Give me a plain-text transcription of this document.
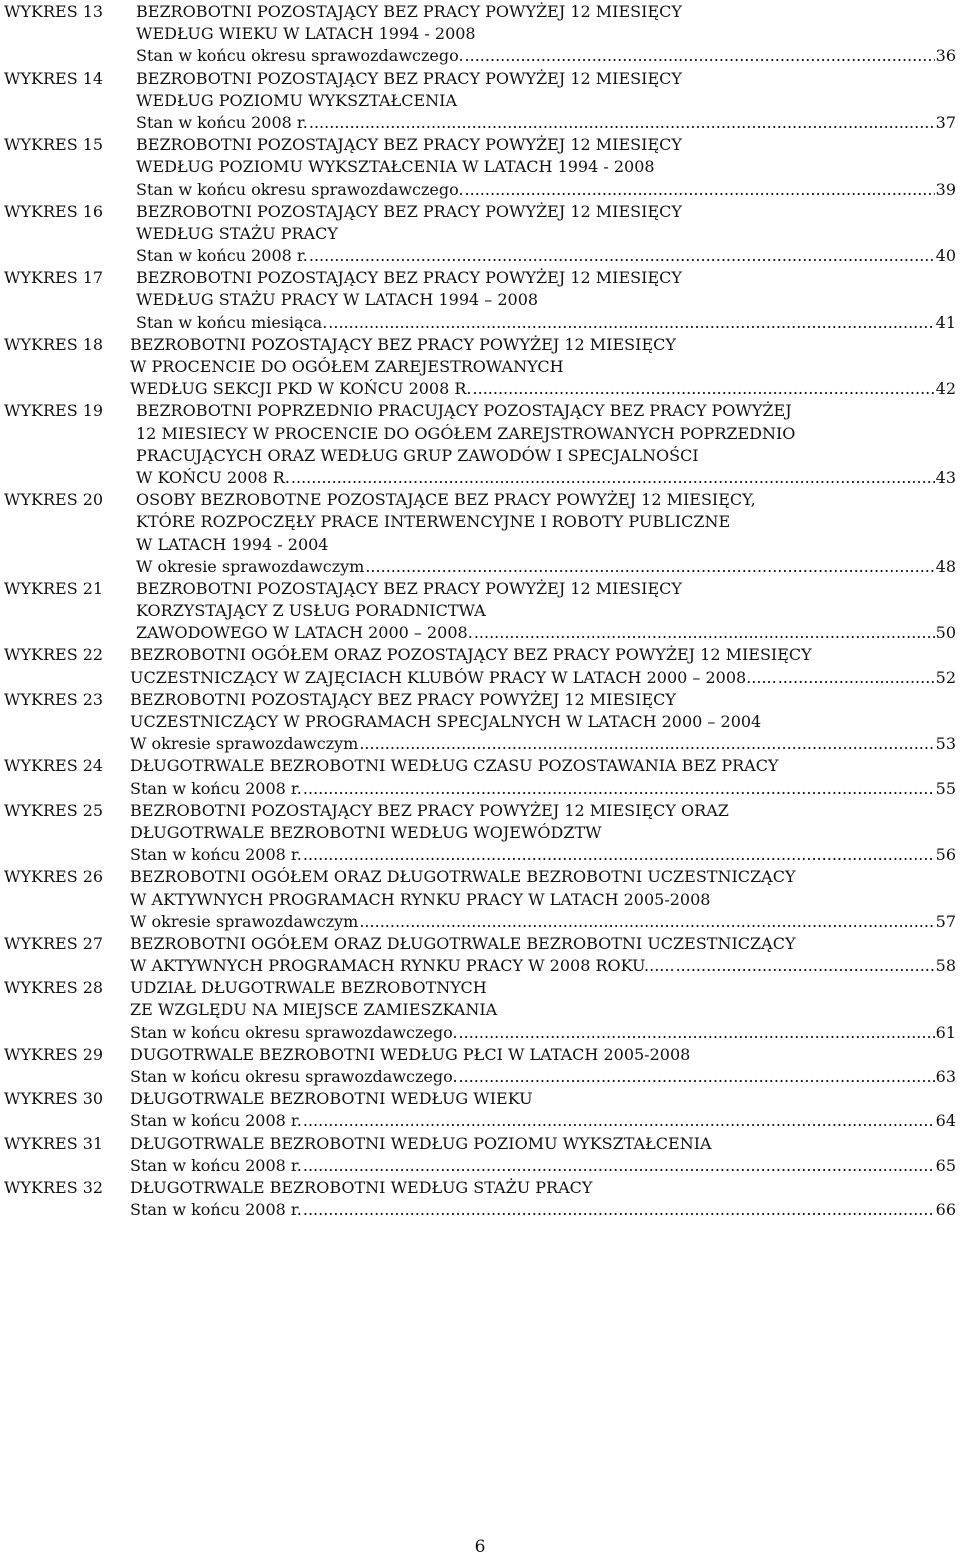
WYKRES 13 BEZROBOTNI POZOSTAJĄCY BEZ PRACY POWYŻEJ 12 MIESIĘCY
WEDŁUG WIEKU W LATACH 1994 - 2008
Stan w końcu okresu sprawozdawczego. .....	36
WYKRES 14 BEZROBOTNI POZOSTAJĄCY BEZ PRACY POWYŻEJ 12 MIESIĘCY
WEDŁUG POZIOMU WYKSZTAŁCENIA
Stan w końcu 2008 r. .....	37
WYKRES 15 BEZROBOTNI POZOSTAJĄCY BEZ PRACY POWYŻEJ 12 MIESIĘCY
WEDŁUG POZIOMU WYKSZTAŁCENIA W LATACH 1994 - 2008
Stan w końcu okresu sprawozdawczego. .....	39
WYKRES 16 BEZROBOTNI POZOSTAJĄCY BEZ PRACY POWYŻEJ 12 MIESIĘCY
WEDŁUG STAŻU PRACY
Stan w końcu 2008 r. .....	40
WYKRES 17 BEZROBOTNI POZOSTAJĄCY BEZ PRACY POWYŻEJ 12 MIESIĘCY
WEDŁUG STAŻU PRACY W LATACH 1994 – 2008
Stan w końcu miesiąca. .....	41
WYKRES 18 BEZROBOTNI POZOSTAJĄCY BEZ PRACY POWYŻEJ 12 MIESIĘCY
W PROCENCIE DO OGÓŁEM ZAREJESTROWANYCH
WEDŁUG SEKCJI PKD W KOŃCU 2008 R. .....	42
WYKRES 19 BEZROBOTNI POPRZEDNIO PRACUJĄCY POZOSTAJĄCY BEZ PRACY POWYŻEJ
12 MIESIECY W PROCENCIE DO OGÓŁEM ZAREJSTROWANYCH POPRZEDNIO
PRACUJĄCYCH ORAZ WEDŁUG GRUP ZAWODÓW I SPECJALNOŚCI
W KOŃCU 2008 R. .....	43
WYKRES 20 OSOBY BEZROBOTNE POZOSTAJĄCE BEZ PRACY POWYŻEJ 12 MIESIĘCY,
KTÓRE ROZPOCZĘŁY PRACE INTERWENCYJNE I ROBOTY PUBLICZNE
W LATACH 1994 - 2004
W okresie sprawozdawczym .....	48
WYKRES 21 BEZROBOTNI POZOSTAJĄCY BEZ PRACY POWYŻEJ 12 MIESIĘCY
KORZYSTAJĄCY Z USŁUG PORADNICTWA
ZAWODOWEGO W LATACH 2000 – 2008. .....	50
WYKRES 22 BEZROBOTNI OGÓŁEM ORAZ POZOSTAJĄCY BEZ PRACY POWYŻEJ 12 MIESIĘCY
UCZESTNICZĄCY W ZAJĘCIACH KLUBÓW PRACY W LATACH 2000 – 2008...... .....	52
WYKRES 23 BEZROBOTNI POZOSTAJĄCY BEZ PRACY POWYŻEJ 12 MIESIĘCY
UCZESTNICZĄCY W PROGRAMACH SPECJALNYCH W LATACH 2000 – 2004
W okresie sprawozdawczym .....	53
WYKRES 24 DŁUGOTRWALE BEZROBOTNI WEDŁUG CZASU POZOSTAWANIA BEZ PRACY
Stan w końcu 2008 r. .....	55
WYKRES 25 BEZROBOTNI POZOSTAJĄCY BEZ PRACY POWYŻEJ 12 MIESIĘCY ORAZ
DŁUGOTRWALE BEZROBOTNI WEDŁUG WOJEWÓDZTW
Stan w końcu 2008 r. .....	56
WYKRES 26 BEZROBOTNI OGÓŁEM ORAZ DŁUGOTRWALE BEZROBOTNI UCZESTNICZĄCY
W AKTYWNYCH PROGRAMACH RYNKU PRACY W LATACH 2005-2008
W okresie sprawozdawczym .....	57
WYKRES 27 BEZROBOTNI OGÓŁEM ORAZ DŁUGOTRWALE BEZROBOTNI UCZESTNICZĄCY
W AKTYWNYCH PROGRAMACH RYNKU PRACY W 2008 ROKU...... .....	58
WYKRES 28 UDZIAŁ DŁUGOTRWALE BEZROBOTNYCH
ZE WZGLĘDU NA MIEJSCE ZAMIESZKANIA
Stan w końcu okresu sprawozdawczego. .....	61
WYKRES 29 DUGOTRWALE BEZROBOTNI WEDŁUG PŁCI W LATACH 2005-2008
Stan w końcu okresu sprawozdawczego. .....	63
WYKRES 30 DŁUGOTRWALE BEZROBOTNI WEDŁUG WIEKU
Stan w końcu 2008 r. .....	64
WYKRES 31 DŁUGOTRWALE BEZROBOTNI WEDŁUG POZIOMU WYKSZTAŁCENIA
Stan w końcu 2008 r. .....	65
WYKRES 32 DŁUGOTRWALE BEZROBOTNI WEDŁUG STAŻU PRACY
Stan w końcu 2008 r. .....	66
6
